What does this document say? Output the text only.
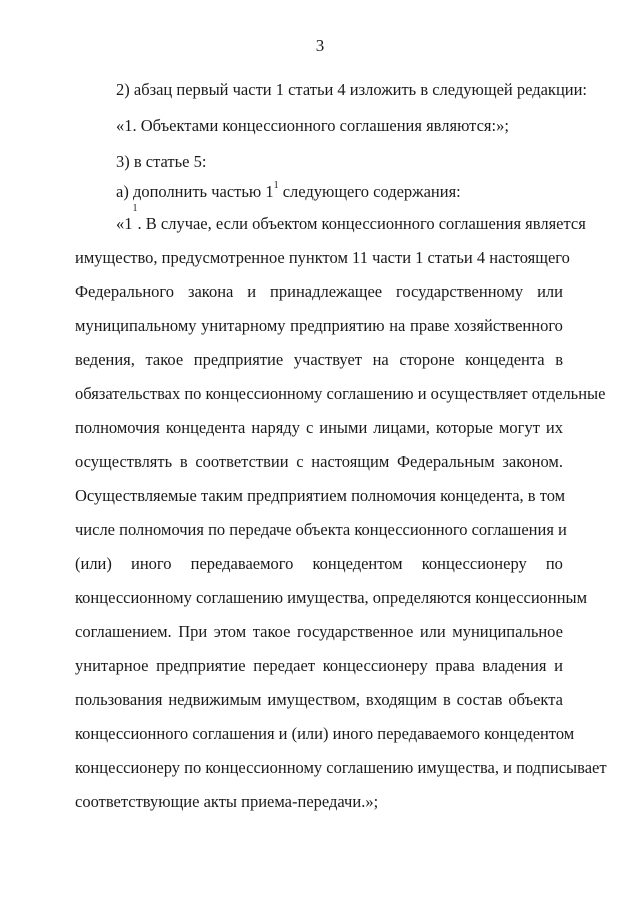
3
2) абзац первый части 1 статьи 4 изложить в следующей редакции:
«1. Объектами концессионного соглашения являются:»;
3) в статье 5:
а) дополнить частью $1^1$ следующего содержания:
«1
$^1$
. В случае, если объектом концессионного соглашения является
имущество, предусмотренное пунктом 11 части 1 статьи 4 настоящего
Федерального закона и принадлежащее государственному или
муниципальному унитарному предприятию на праве хозяйственного
ведения, такое предприятие участвует на стороне концедента в
обязательствах по концессионному соглашению и осуществляет отдельные
полномочия концедента наряду с иными лицами, которые могут их
осуществлять в соответствии с настоящим Федеральным законом.
Осуществляемые таким предприятием полномочия концедента, в том
числе полномочия по передаче объекта концессионного соглашения и
(или) иного передаваемого концедентом концессионеру по
концессионному соглашению имущества, определяются концессионным
соглашением. При этом такое государственное или муниципальное
унитарное предприятие передает концессионеру права владения и
пользования недвижимым имуществом, входящим в состав объекта
концессионного соглашения и (или) иного передаваемого концедентом
концессионеру по концессионному соглашению имущества, и подписывает
соответствующие акты приема-передачи.»;
